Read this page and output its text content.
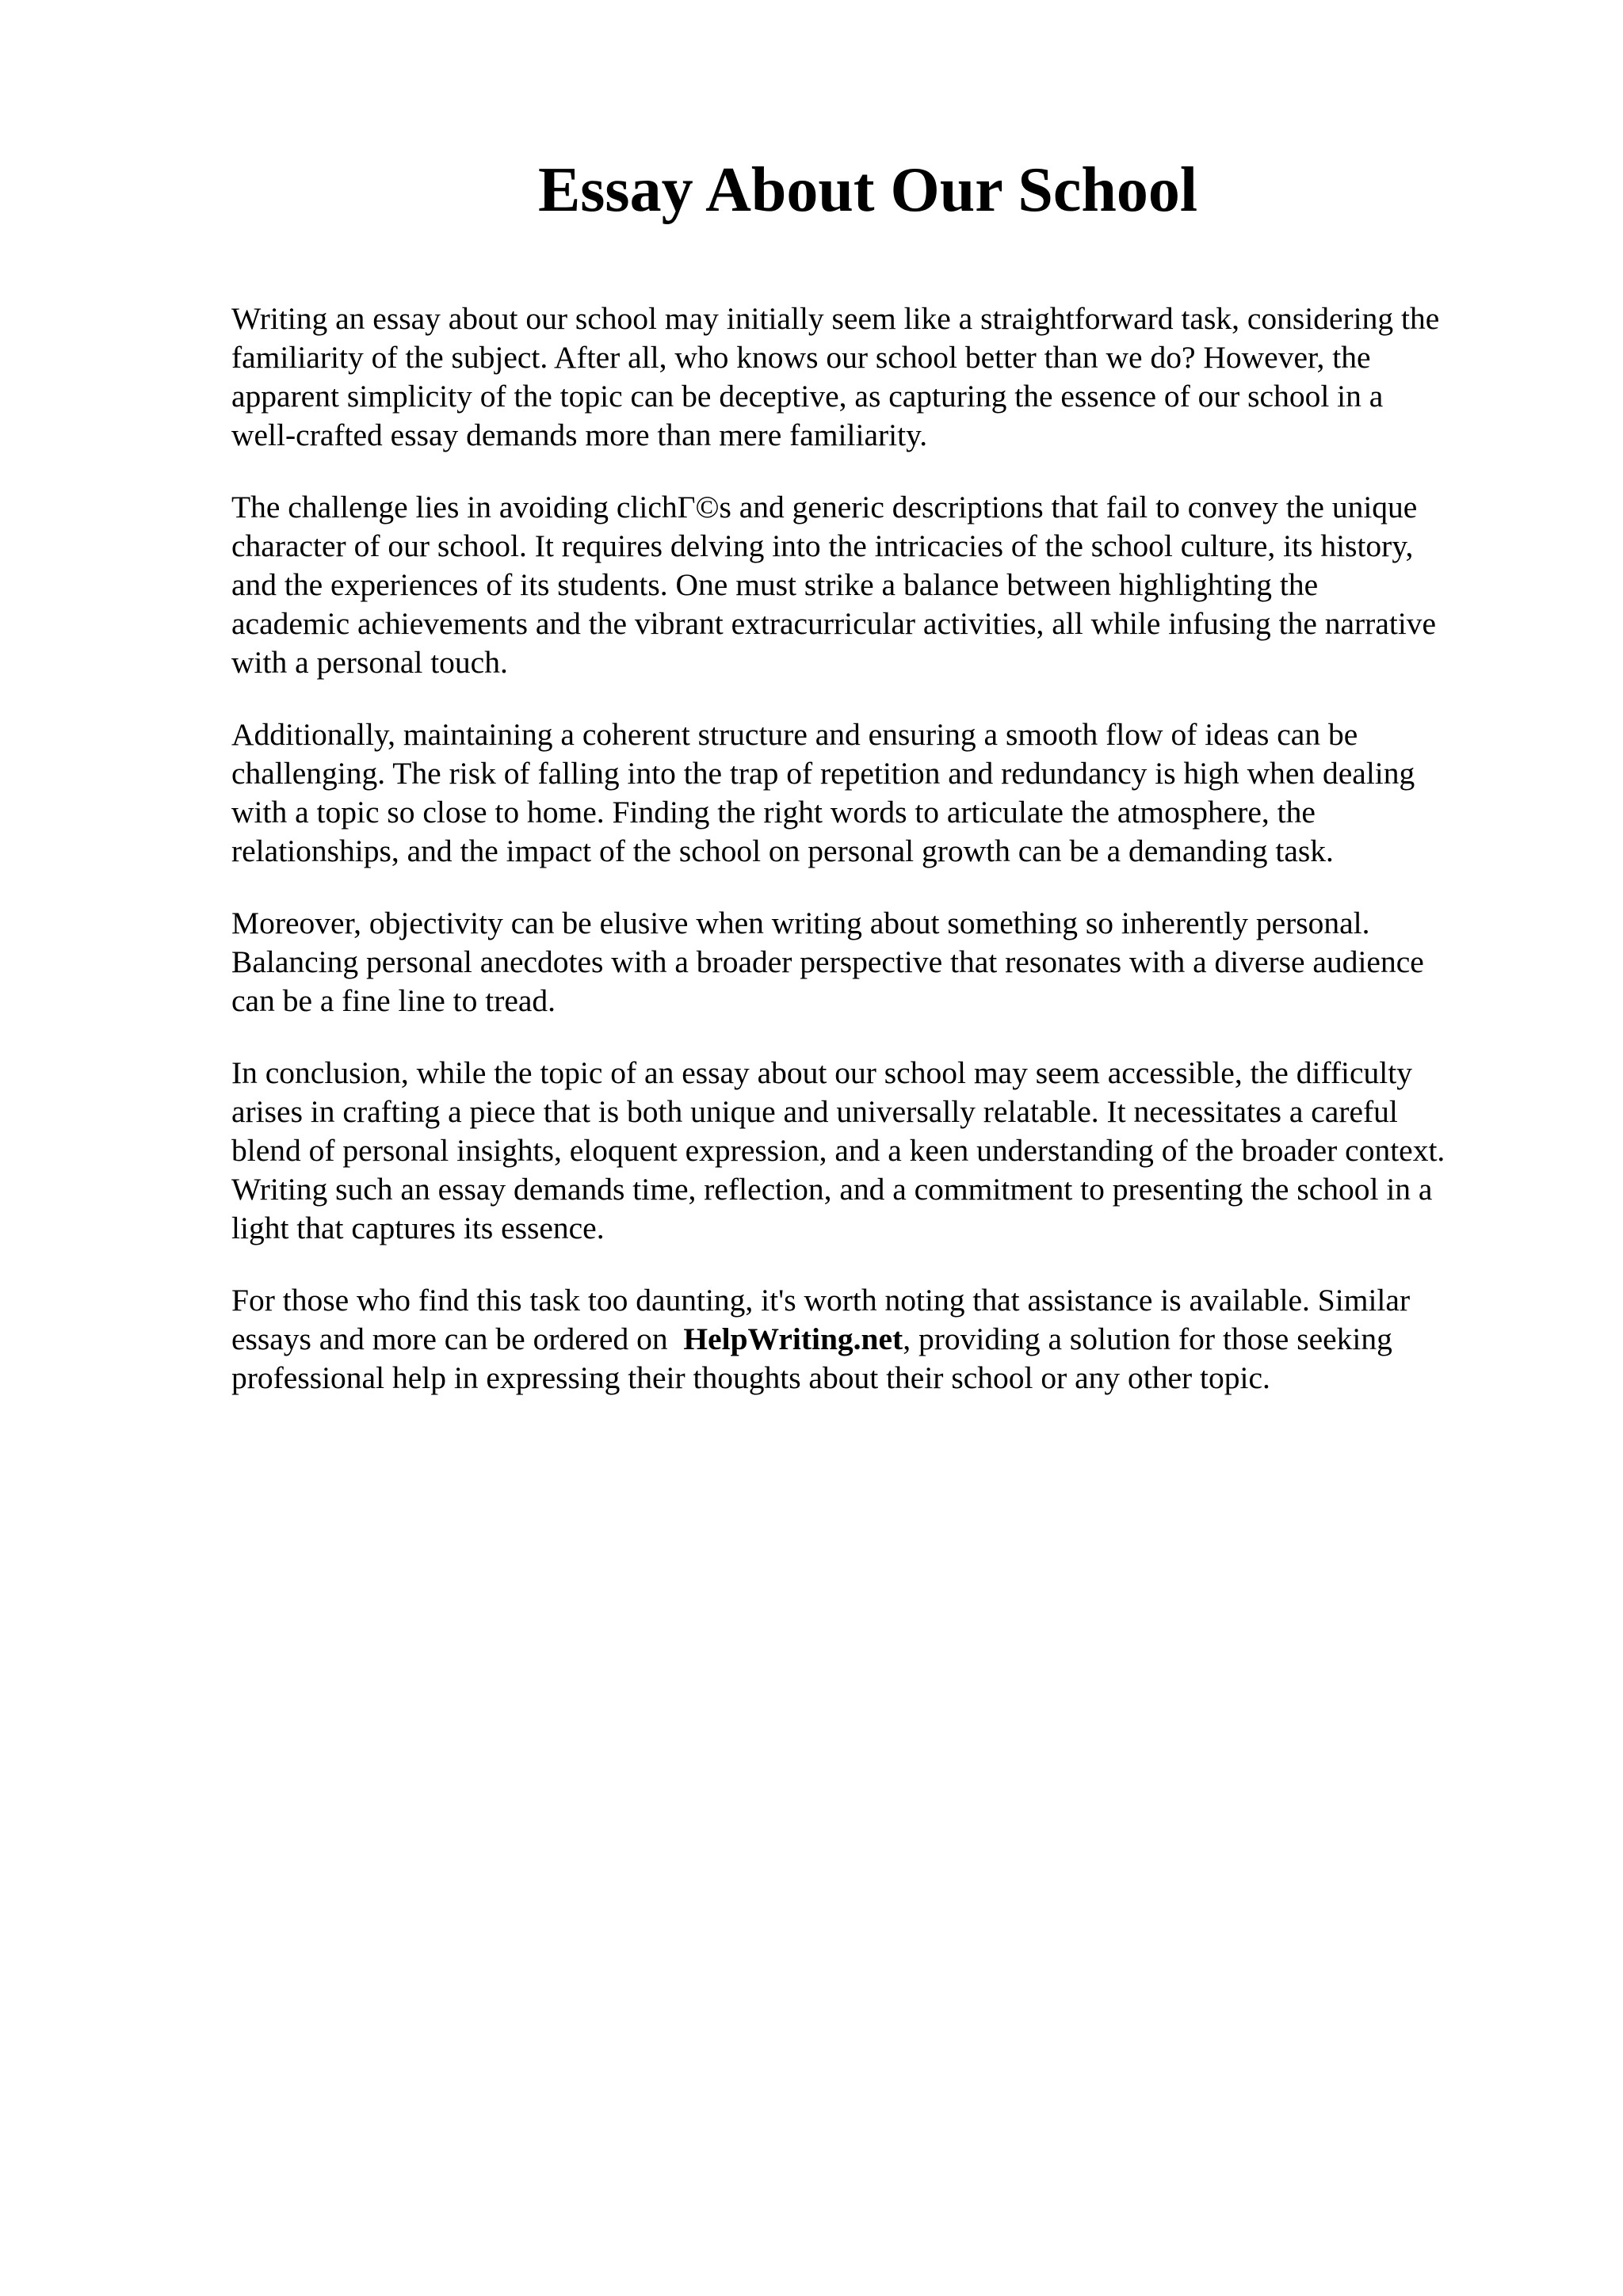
Essay About Our School

Writing an essay about our school may initially seem like a straightforward task, considering the
familiarity of the subject. After all, who knows our school better than we do? However, the
apparent simplicity of the topic can be deceptive, as capturing the essence of our school in a
well-crafted essay demands more than mere familiarity.

The challenge lies in avoiding clichГ©s and generic descriptions that fail to convey the unique
character of our school. It requires delving into the intricacies of the school culture, its history,
and the experiences of its students. One must strike a balance between highlighting the
academic achievements and the vibrant extracurricular activities, all while infusing the narrative
with a personal touch.

Additionally, maintaining a coherent structure and ensuring a smooth flow of ideas can be
challenging. The risk of falling into the trap of repetition and redundancy is high when dealing
with a topic so close to home. Finding the right words to articulate the atmosphere, the
relationships, and the impact of the school on personal growth can be a demanding task.

Moreover, objectivity can be elusive when writing about something so inherently personal.
Balancing personal anecdotes with a broader perspective that resonates with a diverse audience
can be a fine line to tread.

In conclusion, while the topic of an essay about our school may seem accessible, the difficulty
arises in crafting a piece that is both unique and universally relatable. It necessitates a careful
blend of personal insights, eloquent expression, and a keen understanding of the broader context.
Writing such an essay demands time, reflection, and a commitment to presenting the school in a
light that captures its essence.

For those who find this task too daunting, it's worth noting that assistance is available. Similar
essays and more can be ordered on  HelpWriting.net, providing a solution for those seeking
professional help in expressing their thoughts about their school or any other topic.
